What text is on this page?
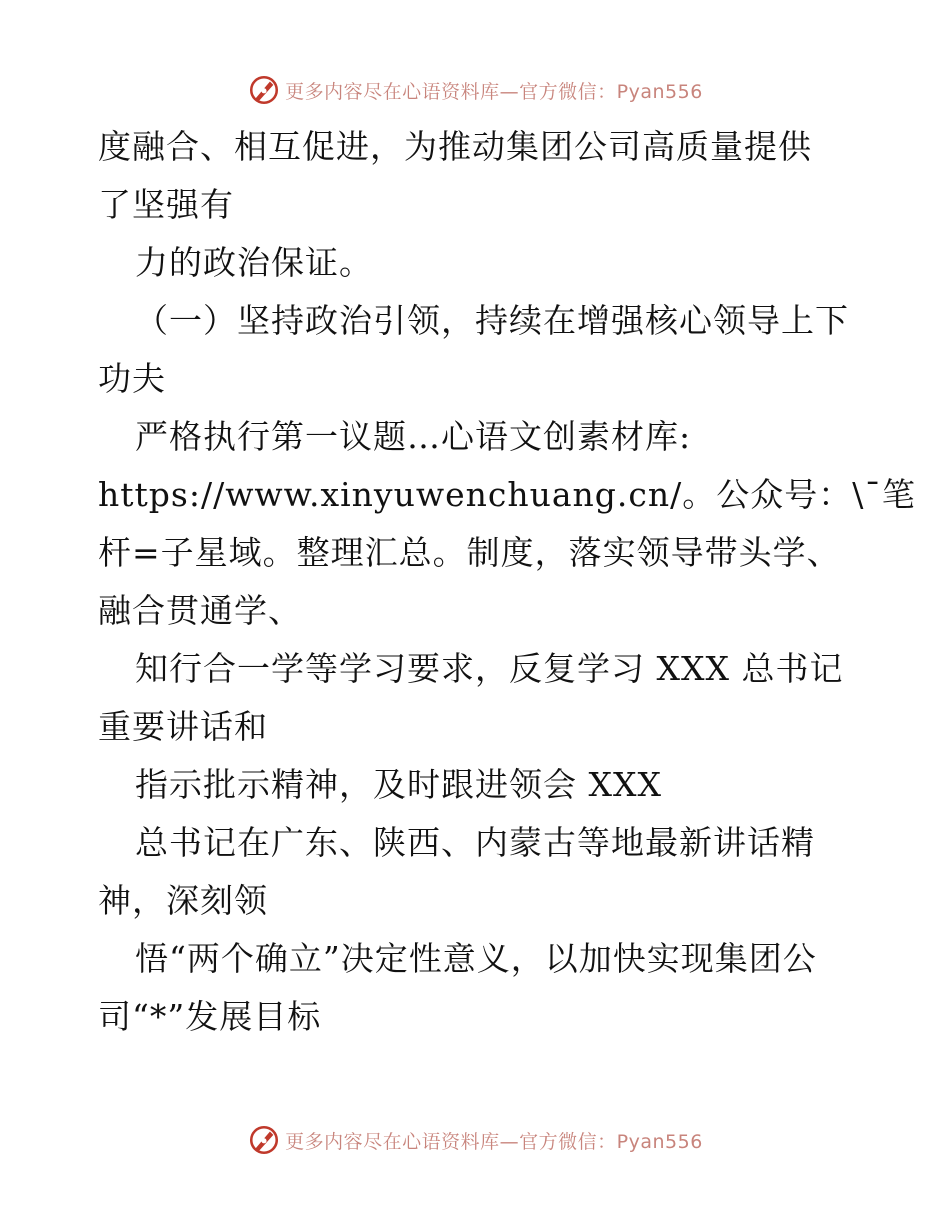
更多内容尽在心语资料库—官方微信：Pyan556
度融合、相互促进，为推动集团公司高质量提供
了坚强有
力的政治保证。
（一）坚持政治引领，持续在增强核心领导上下
功夫
严格执行第一议题…心语文创素材库:
https://www.xinyuwenchuang.cn/。公众号：\¯笔
杆=子星域。整理汇总。制度，落实领导带头学、
融合贯通学、
知行合一学等学习要求，反复学习 XXX 总书记
重要讲话和
指示批示精神，及时跟进领会 XXX
总书记在广东、陕西、内蒙古等地最新讲话精
神，深刻领
悟“两个确立”决定性意义，以加快实现集团公
司“*”发展目标
更多内容尽在心语资料库—官方微信：Pyan556
